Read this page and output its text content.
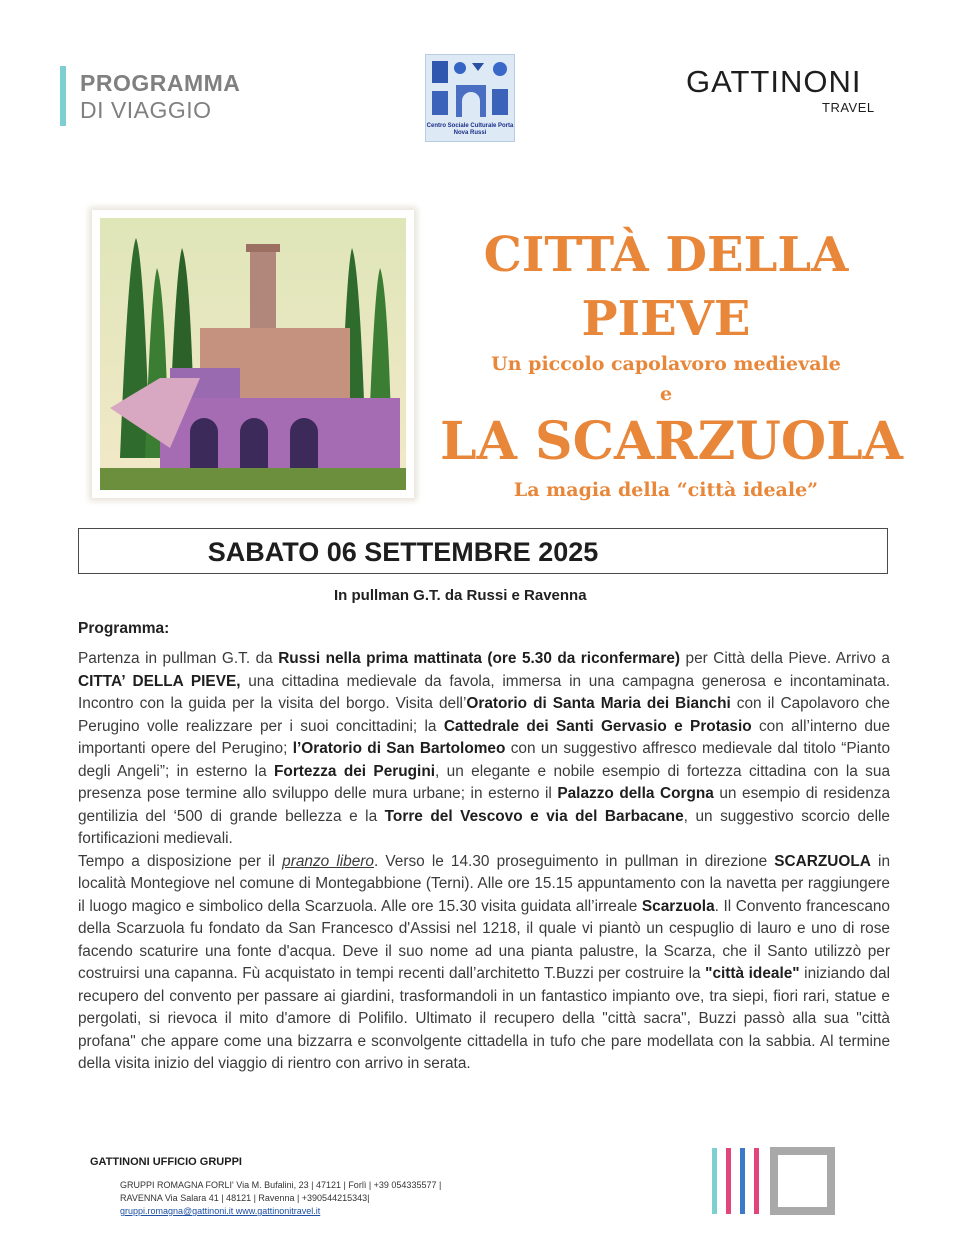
PROGRAMMA
DI VIAGGIO
Centro Sociale Culturale Porta Nova Russi
GATTINONI
TRAVEL
CITTÀ DELLA
PIEVE
Un piccolo capolavoro medievale
e
LA SCARZUOLA
La magia della “città ideale”
SABATO 06 SETTEMBRE 2025
In pullman G.T. da Russi e Ravenna
Programma:

Partenza in pullman G.T. da Russi nella prima mattinata (ore 5.30 da riconfermare) per Città della Pieve. Arrivo a CITTA’ DELLA PIEVE, una cittadina medievale da favola, immersa in una campagna generosa e incontaminata. Incontro con la guida per la visita del borgo. Visita dell’Oratorio di Santa Maria dei Bianchi con il Capolavoro che Perugino volle realizzare per i suoi concittadini; la Cattedrale dei Santi Gervasio e Protasio con all’interno due importanti opere del Perugino; l’Oratorio di San Bartolomeo con un suggestivo affresco medievale dal titolo “Pianto degli Angeli”; in esterno la Fortezza dei Perugini, un elegante e nobile esempio di fortezza cittadina con la sua presenza pose termine allo sviluppo delle mura urbane; in esterno il Palazzo della Corgna un esempio di residenza gentilizia del ‘500 di grande bellezza e la Torre del Vescovo e via del Barbacane, un suggestivo scorcio delle fortificazioni medievali.

Tempo a disposizione per il pranzo libero. Verso le 14.30 proseguimento in pullman in direzione SCARZUOLA in località Montegiove nel comune di Montegabbione (Terni). Alle ore 15.15 appuntamento con la navetta per raggiungere il luogo magico e simbolico della Scarzuola. Alle ore 15.30 visita guidata all’irreale Scarzuola. Il Convento francescano della Scarzuola fu fondato da San Francesco d'Assisi nel 1218, il quale vi piantò un cespuglio di lauro e uno di rose facendo scaturire una fonte d'acqua. Deve il suo nome ad una pianta palustre, la Scarza, che il Santo utilizzò per costruirsi una capanna. Fù acquistato in tempi recenti dall’architetto T.Buzzi per costruire la "città ideale" iniziando dal recupero del convento per passare ai giardini, trasformandoli in un fantastico impianto ove, tra siepi, fiori rari, statue e pergolati, si rievoca il mito d'amore di Polifilo. Ultimato il recupero della "città sacra", Buzzi passò alla sua "città profana" che appare come una bizzarra e sconvolgente cittadella in tufo che pare modellata con la sabbia. Al termine della visita inizio del viaggio di rientro con arrivo in serata.

GATTINONI UFFICIO GRUPPI
GRUPPI ROMAGNA FORLI' Via M. Bufalini, 23 | 47121 | Forlì | +39 054335577 |
RAVENNA Via Salara 41 | 48121 | Ravenna | +390544215343|
gruppi.romagna@gattinoni.it www.gattinonitravel.it
